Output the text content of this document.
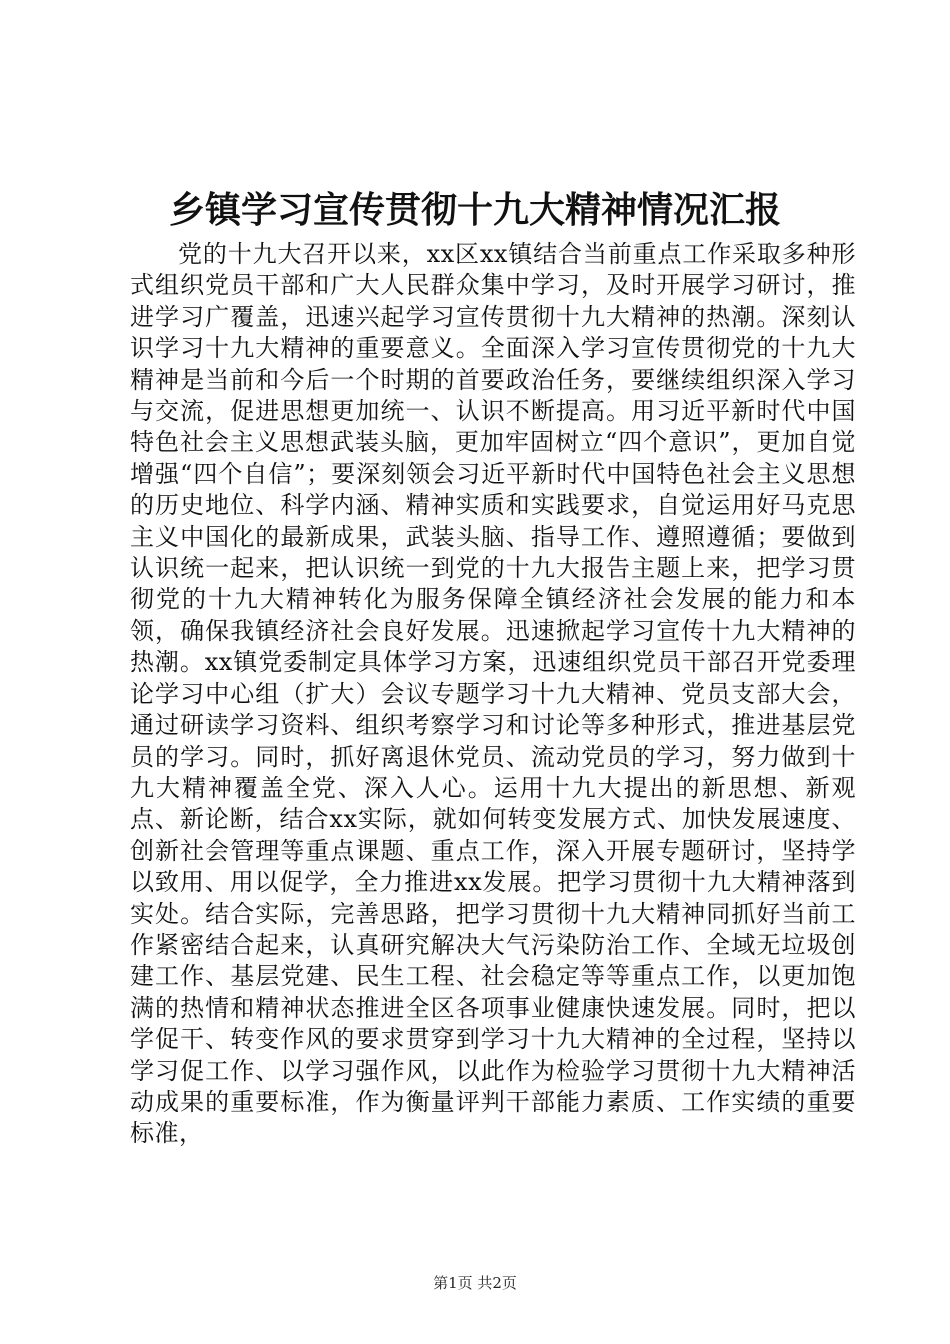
乡镇学习宣传贯彻十九大精神情况汇报

党的十九大召开以来，xx区xx镇结合当前重点工作采取多种形式组织党员干部和广大人民群众集中学习，及时开展学习研讨，推进学习广覆盖，迅速兴起学习宣传贯彻十九大精神的热潮。深刻认识学习十九大精神的重要意义。全面深入学习宣传贯彻党的十九大精神是当前和今后一个时期的首要政治任务，要继续组织深入学习与交流，促进思想更加统一、认识不断提高。用习近平新时代中国特色社会主义思想武装头脑，更加牢固树立“四个意识”，更加自觉增强“四个自信”；要深刻领会习近平新时代中国特色社会主义思想的历史地位、科学内涵、精神实质和实践要求，自觉运用好马克思主义中国化的最新成果，武装头脑、指导工作、遵照遵循；要做到认识统一起来，把认识统一到党的十九大报告主题上来，把学习贯彻党的十九大精神转化为服务保障全镇经济社会发展的能力和本领，确保我镇经济社会良好发展。迅速掀起学习宣传十九大精神的热潮。xx镇党委制定具体学习方案，迅速组织党员干部召开党委理论学习中心组（扩大）会议专题学习十九大精神、党员支部大会，通过研读学习资料、组织考察学习和讨论等多种形式，推进基层党员的学习。同时，抓好离退休党员、流动党员的学习，努力做到十九大精神覆盖全党、深入人心。运用十九大提出的新思想、新观点、新论断，结合xx实际，就如何转变发展方式、加快发展速度、创新社会管理等重点课题、重点工作，深入开展专题研讨，坚持学以致用、用以促学，全力推进xx发展。把学习贯彻十九大精神落到实处。结合实际，完善思路，把学习贯彻十九大精神同抓好当前工作紧密结合起来，认真研究解决大气污染防治工作、全域无垃圾创建工作、基层党建、民生工程、社会稳定等等重点工作，以更加饱满的热情和精神状态推进全区各项事业健康快速发展。同时，把以学促干、转变作风的要求贯穿到学习十九大精神的全过程，坚持以学习促工作、以学习强作风，以此作为检验学习贯彻十九大精神活动成果的重要标准，作为衡量评判干部能力素质、工作实绩的重要标准，

第1页 共2页
